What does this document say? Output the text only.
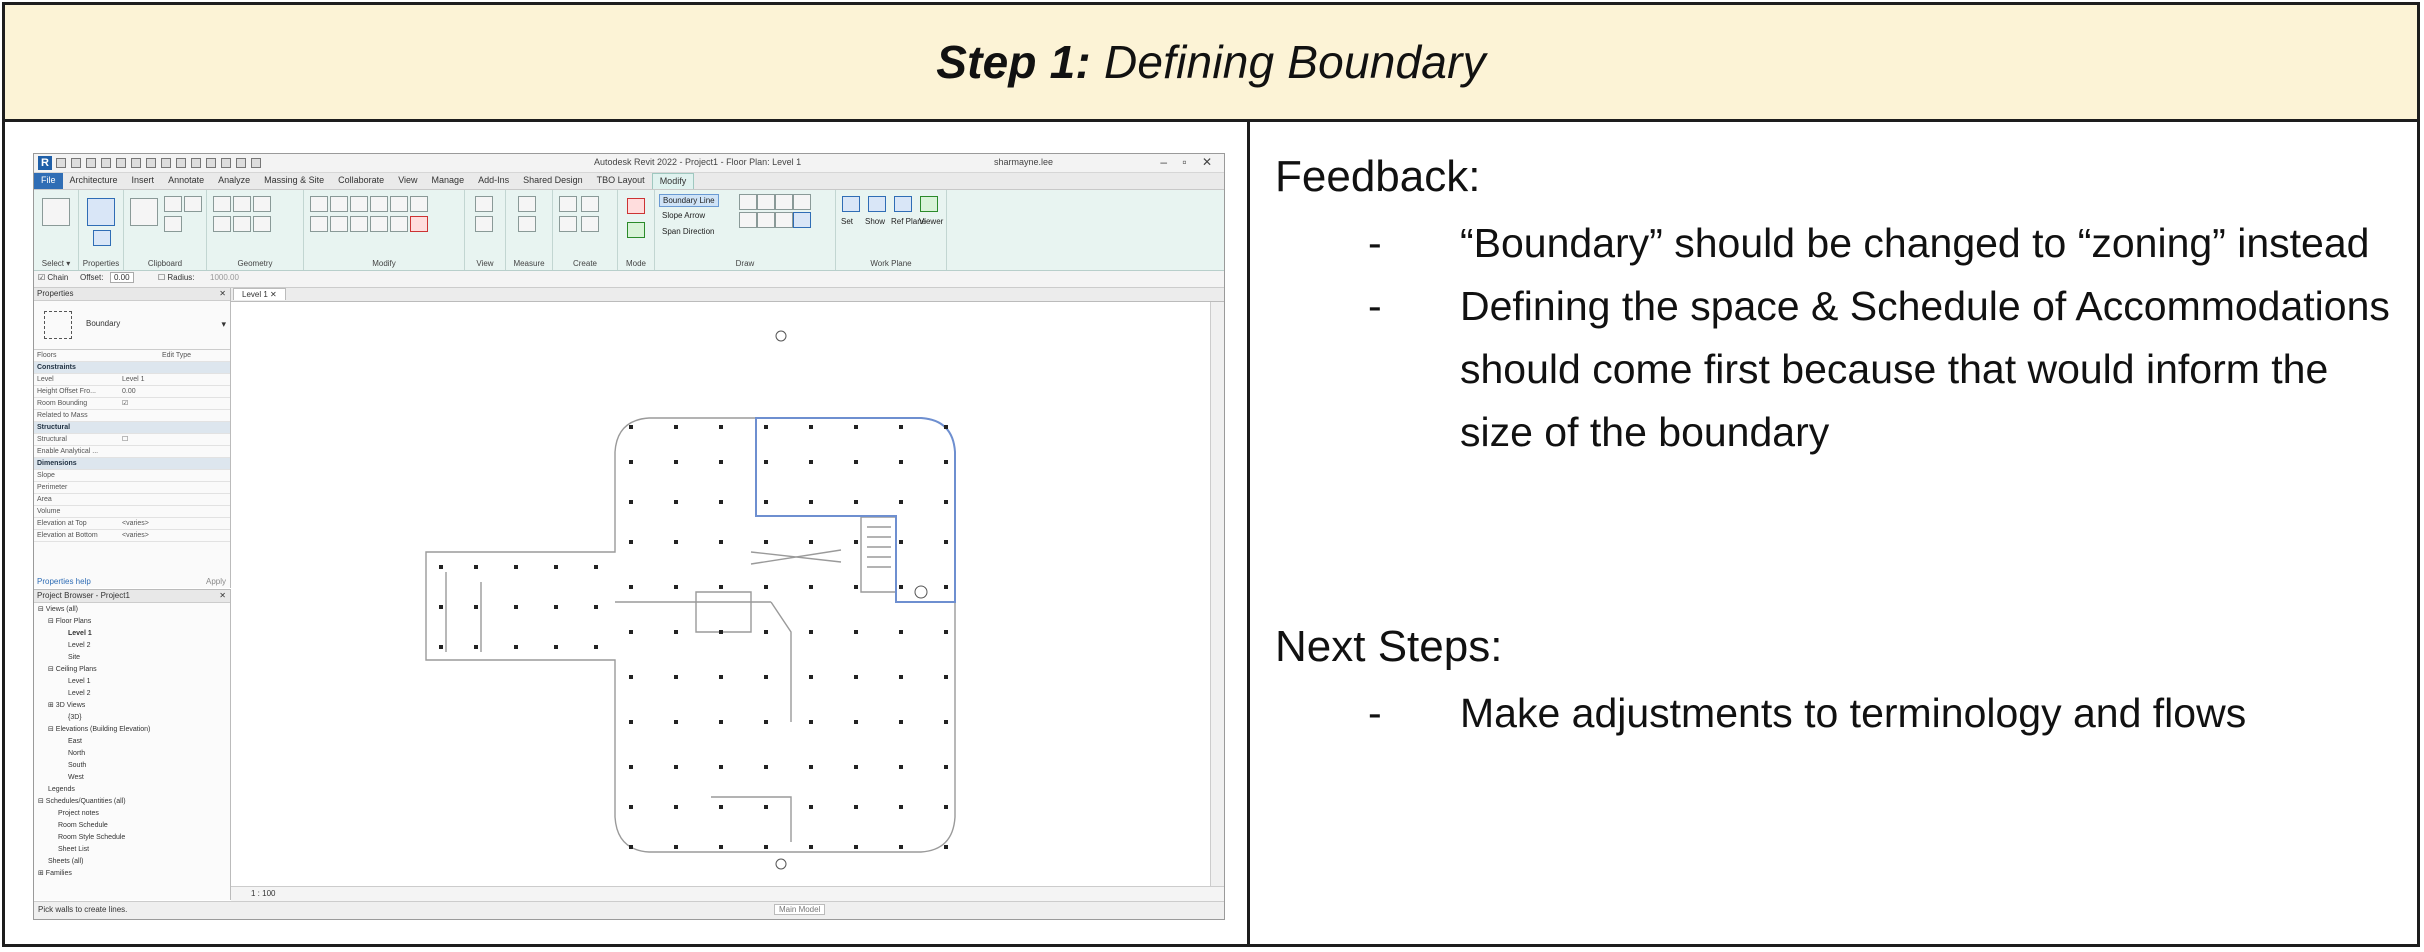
Step 1: Defining Boundary
R	Autodesk Revit 2022 - Project1 - Floor Plan: Level 1	sharmayne.lee	– ▫ ✕
File	Architecture	Insert	Annotate	Analyze	Massing & Site	Collaborate	View	Manage	Add-Ins	Shared Design	TBO Layout	Modify
Select ▾	Properties	Clipboard	Geometry	Modify	View	Measure	Create	Mode
Boundary Line
Slope Arrow
Span Direction
Draw
Set	Show Ref Plane
Viewer
Work Plane
☑ Chain Offset:	0.00	☐ Radius: 1000.00
Properties	✕
Boundary	▾
Floors	Edit Type
Constraints
Level	Level 1
Height Offset Fro...	0.00
Room Bounding	☑
Related to Mass
Structural
Structural	☐
Enable Analytical ...
Dimensions
Slope
Perimeter
Area
Volume
Elevation at Top	<varies>
Elevation at Bottom	<varies>
Properties help	Apply
Project Browser - Project1	✕
⊟ Views (all)
⊟ Floor Plans
Level 1
Level 2
Site
⊟ Ceiling Plans
Level 1
Level 2
⊞ 3D Views
{3D}
⊟ Elevations (Building Elevation)
East
North
South
West
Legends
⊟ Schedules/Quantities (all)
Project notes
Room Schedule
Room Style Schedule
Sheet List
Sheets (all)
⊞ Families
Level 1 ✕
1 : 100
Pick walls to create lines.	Main Model
Feedback:
- “Boundary” should be changed to “zoning” instead
- Defining the space & Schedule of Accommodations should come first because that would inform the size of the boundary
Next Steps:
- Make adjustments to terminology and flows
